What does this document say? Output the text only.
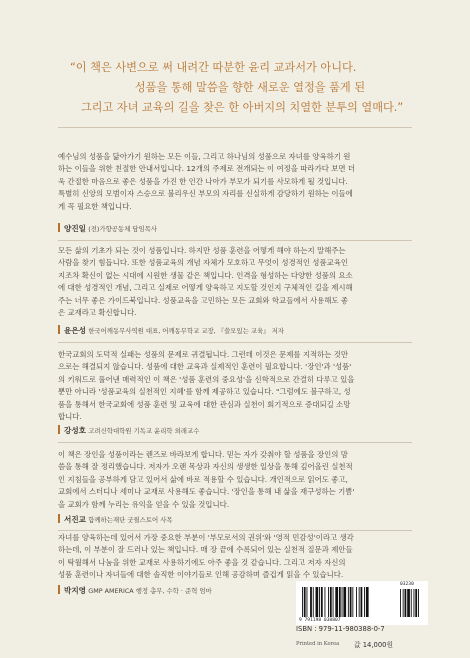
“이 책은 사변으로 써 내려간 따분한 윤리 교과서가 아니다.
성품을 통해 말씀을 향한 새로운 열정을 품게 된
그리고 자녀 교육의 길을 찾은 한 아버지의 치열한 분투의 열매다.”
예수님의 성품을 닮아가기 원하는 모든 이들, 그리고 하나님의 성품으로 자녀를 양육하기 원
하는 이들을 위한 친절한 안내서입니다. 12개의 주제로 전개되는 이 여정을 따라가다 보면 더
욱 간절한 마음으로 좋은 성품을 가진 한 인간 나아가 부모가 되기를 사모하게 될 것입니다.
특별히 신앙의 모범이자 스승으로 불리우신 부모의 자리를 신실하게 감당하기 원하는 이들에
게 꼭 필요한 책입니다.
양진일 (전)가향공동체 담임목사
모든 삶의 기초가 되는 것이 성품입니다. 하지만 성품 훈련을 어떻게 해야 하는지 말해주는
사람을 찾기 힘듭니다. 또한 성품교육의 개념 자체가 모호하고 무엇이 성경적인 성품교육인
지조차 확신이 없는 시대에 시원한 생물 같은 책입니다. 인격을 형성하는 다양한 성품의 요소
에 대한 성경적인 개념, 그리고 실제로 어떻게 양육하고 지도할 것인지 구체적인 길을 제시해
주는 너무 좋은 가이드북입니다. 성품교육을 고민하는 모든 교회와 학교들에서 사용해도 좋
은 교재라고 확신합니다.
윤은성 한국어깨동무사역원 대표, 어깨동무학교 교장, 『쓸모있는 교육』 저자
한국교회의 도덕적 실패는 성품의 문제로 귀결됩니다. 그런데 이것은 문제를 지적하는 것만
으로는 해결되지 않습니다. 성품에 대한 교육과 실제적인 훈련이 필요합니다. '장인'과 '성품'
의 키워드로 풀어낸 매력적인 이 책은 '성품 훈련의 중요성'을 신학적으로 간결히 다루고 있을
뿐만 아니라 '성품교육의 실천적인 지혜'를 함께 제공하고 있습니다. "그럼에도 불구하고, 성
품을 통해서 한국교회에 성품 훈련 및 교육에 대한 관심과 실천이 회기적으로 증대되길 소망
합니다.
강성호 고려신학대학원 기독교 윤리학 외래교수
이 책은 장인을 성품이라는 렌즈로 바라보게 합니다. 믿는 자가 갖춰야 할 성품을 장인의 맘
씀을 통해 잘 정리했습니다. 저자가 오랜 목상과 자신의 생생한 일상을 통해 깊어올린 실천적
인 지침들을 공부하게 담고 있어서 삶에 바로 적용할 수 있습니다. 개인적으로 읽어도 좋고,
교회에서 스터디나 세미나 교재로 사용해도 좋습니다. '장인을 통해 내 삶을 재구성하는 기쁨'
을 교회가 함께 누리는 유익을 얻을 수 있을 것입니다.
서진교 함께하는재단 굿윌스토어 사목
자녀를 양육하는데 있어서 가장 중요한 부분이 '부모로서의 권위'와 '영적 민감성'이라고 생각
하는데, 이 부분이 잘 드러나 있는 책입니다. 매 장 끝에 수록되어 있는 실천적 질문과 제안들
이 탁월해서 나눔을 위한 교재로 사용하기에도 아주 좋을 것 같습니다. 그리고 저자 자신의
성품 훈련이나 자녀들에 대한 솔직한 이야기들로 인해 공감하며 즐겁게 읽을 수 있습니다.
박지영 GMP AMERICA 행정 총무, 수학 · 준혁 엄마
03230
9 791198 038807
ISBN : 979-11-980388-0-7
Printed in Korea 값 14,000원
